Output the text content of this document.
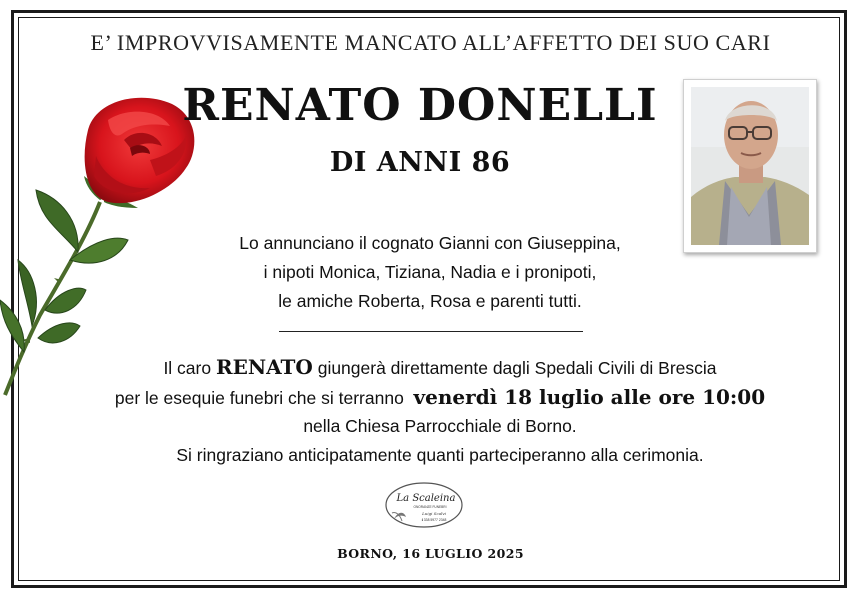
E’ IMPROVVISAMENTE MANCATO ALL’AFFETTO DEI SUO CARI
RENATO DONELLI
DI ANNI 86
Lo annunciano il cognato Gianni con Giuseppina,
i nipoti Monica, Tiziana, Nadia e i pronipoti,
le amiche Roberta, Rosa e parenti tutti.
Il caro RENATO giungerà direttamente dagli Spedali Civili di Brescia
per le esequie funebri che si terranno  venerdì 18 luglio alle ore 10:00
nella Chiesa Parrocchiale di Borno.
Si ringraziano anticipatamente quanti parteciperanno alla cerimonia.
La Scaleina
ONORANZE FUNEBRI
Luigi Scalvi
ℹ 338 5977 2348
BORNO, 16 LUGLIO 2025
